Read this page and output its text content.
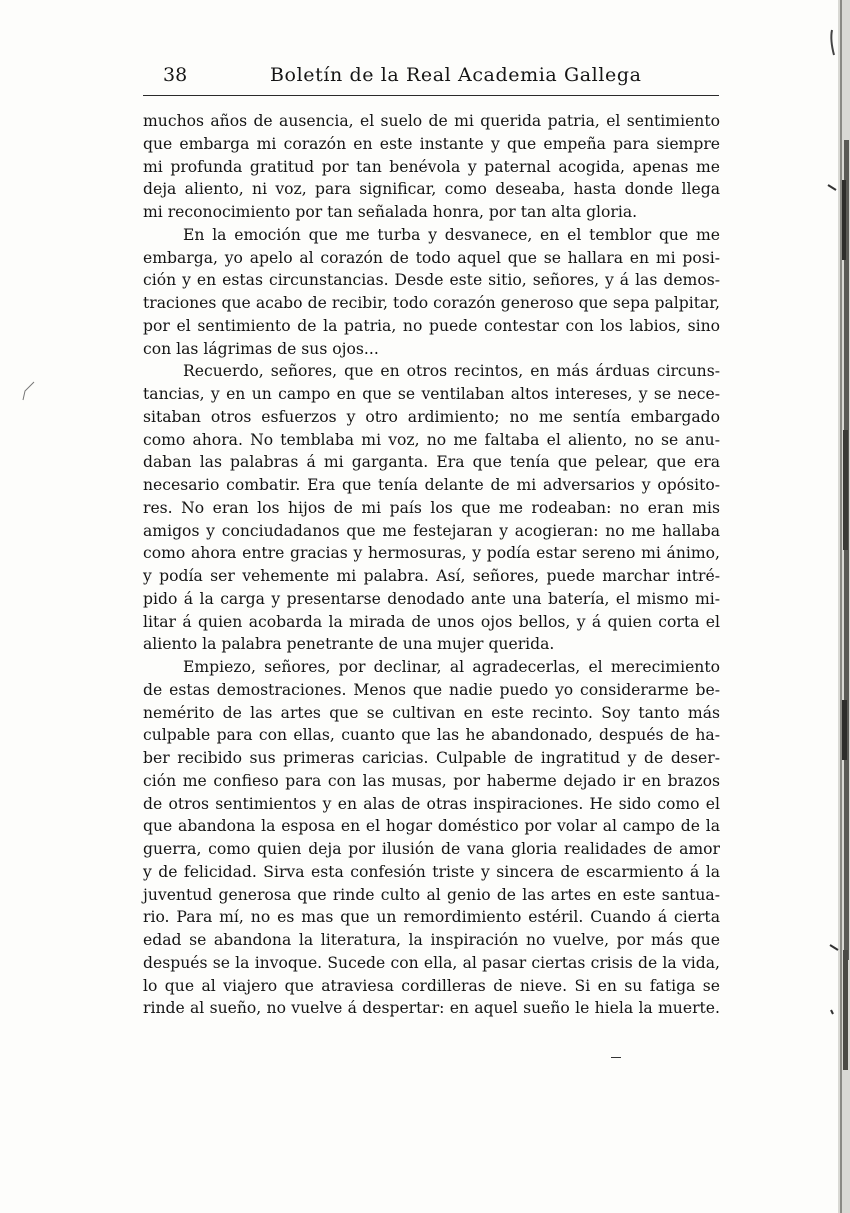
38	Boletín de la Real Academia Gallega
muchos años de ausencia, el suelo de mi querida patria, el sentimiento
que embarga mi corazón en este instante y que empeña para siempre
mi profunda gratitud por tan benévola y paternal acogida, apenas me
deja aliento, ni voz, para significar, como deseaba, hasta donde llega
mi reconocimiento por tan señalada honra, por tan alta gloria.
En la emoción que me turba y desvanece, en el temblor que me
embarga, yo apelo al corazón de todo aquel que se hallara en mi posi-
ción y en estas circunstancias. Desde este sitio, señores, y á las demos-
traciones que acabo de recibir, todo corazón generoso que sepa palpitar,
por el sentimiento de la patria, no puede contestar con los labios, sino
con las lágrimas de sus ojos...
Recuerdo, señores, que en otros recintos, en más árduas circuns-
tancias, y en un campo en que se ventilaban altos intereses, y se nece-
sitaban otros esfuerzos y otro ardimiento; no me sentía embargado
como ahora. No temblaba mi voz, no me faltaba el aliento, no se anu-
daban las palabras á mi garganta. Era que tenía que pelear, que era
necesario combatir. Era que tenía delante de mi adversarios y opósito-
res. No eran los hijos de mi país los que me rodeaban: no eran mis
amigos y conciudadanos que me festejaran y acogieran: no me hallaba
como ahora entre gracias y hermosuras, y podía estar sereno mi ánimo,
y podía ser vehemente mi palabra. Así, señores, puede marchar intré-
pido á la carga y presentarse denodado ante una batería, el mismo mi-
litar á quien acobarda la mirada de unos ojos bellos, y á quien corta el
aliento la palabra penetrante de una mujer querida.
Empiezo, señores, por declinar, al agradecerlas, el merecimiento
de estas demostraciones. Menos que nadie puedo yo considerarme be-
nemérito de las artes que se cultivan en este recinto. Soy tanto más
culpable para con ellas, cuanto que las he abandonado, después de ha-
ber recibido sus primeras caricias. Culpable de ingratitud y de deser-
ción me confieso para con las musas, por haberme dejado ir en brazos
de otros sentimientos y en alas de otras inspiraciones. He sido como el
que abandona la esposa en el hogar doméstico por volar al campo de la
guerra, como quien deja por ilusión de vana gloria realidades de amor
y de felicidad. Sirva esta confesión triste y sincera de escarmiento á la
juventud generosa que rinde culto al genio de las artes en este santua-
rio. Para mí, no es mas que un remordimiento estéril. Cuando á cierta
edad se abandona la literatura, la inspiración no vuelve, por más que
después se la invoque. Sucede con ella, al pasar ciertas crisis de la vida,
lo que al viajero que atraviesa cordilleras de nieve. Si en su fatiga se
rinde al sueño, no vuelve á despertar: en aquel sueño le hiela la muerte.
